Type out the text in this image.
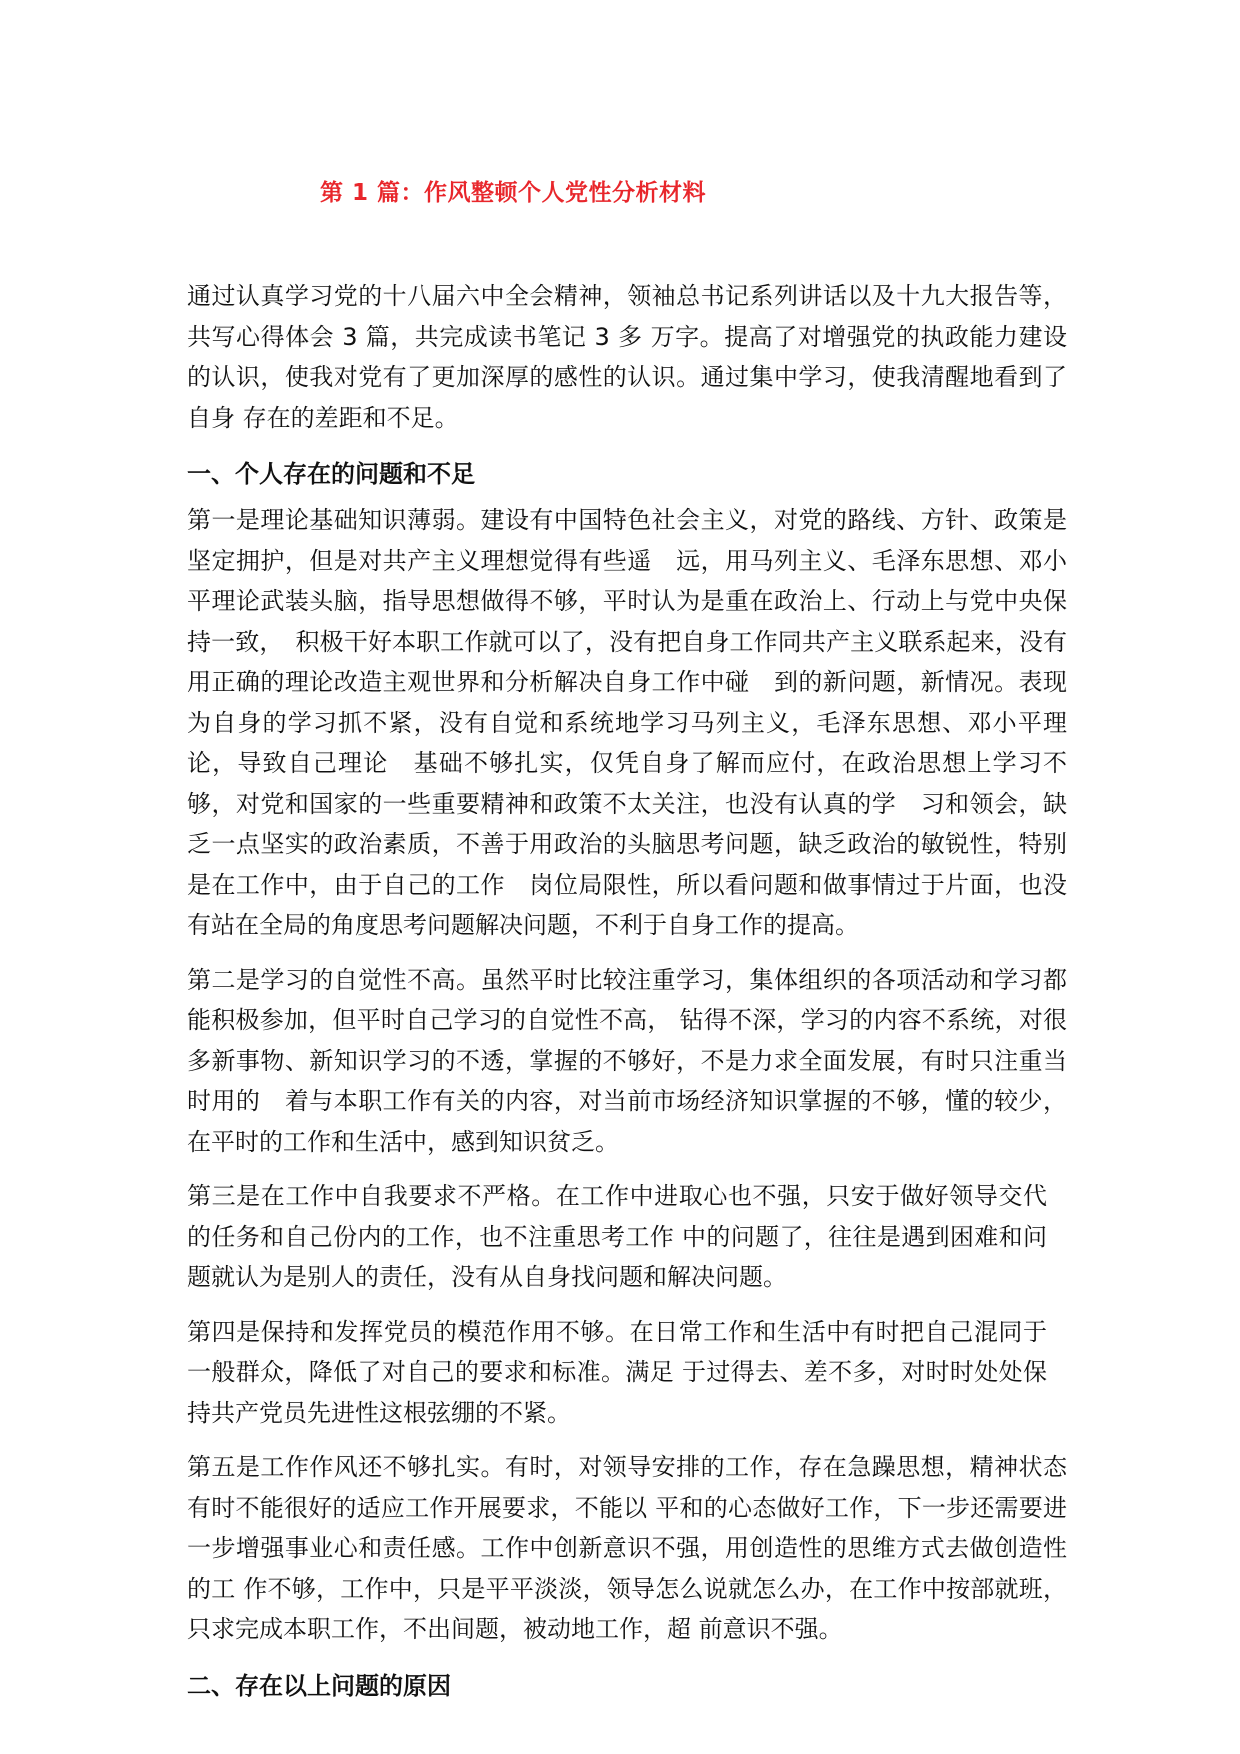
第 1 篇：作风整顿个人党性分析材料

通过认真学习党的十八届六中全会精神，领袖总书记系列讲话以及十九大报告等，共写心得体会 3 篇，共完成读书笔记 3 多 万字。提高了对增强党的执政能力建设的认识，使我对党有了更加深厚的感性的认识。通过集中学习，使我清醒地看到了自身 存在的差距和不足。

一、个人存在的问题和不足

第一是理论基础知识薄弱。建设有中国特色社会主义，对党的路线、方针、政策是坚定拥护，但是对共产主义理想觉得有些遥　远，用马列主义、毛泽东思想、邓小平理论武装头脑，指导思想做得不够，平时认为是重在政治上、行动上与党中央保持一致，　积极干好本职工作就可以了，没有把自身工作同共产主义联系起来，没有用正确的理论改造主观世界和分析解决自身工作中碰　到的新问题，新情况。表现为自身的学习抓不紧，没有自觉和系统地学习马列主义，毛泽东思想、邓小平理论，导致自己理论　基础不够扎实，仅凭自身了解而应付，在政治思想上学习不够，对党和国家的一些重要精神和政策不太关注，也没有认真的学　习和领会，缺乏一点坚实的政治素质，不善于用政治的头脑思考问题，缺乏政治的敏锐性，特别是在工作中，由于自己的工作　岗位局限性，所以看问题和做事情过于片面，也没有站在全局的角度思考问题解决问题，不利于自身工作的提高。

第二是学习的自觉性不高。虽然平时比较注重学习，集体组织的各项活动和学习都能积极参加，但平时自己学习的自觉性不高， 钻得不深，学习的内容不系统，对很多新事物、新知识学习的不透，掌握的不够好，不是力求全面发展，有时只注重当时用的　着与本职工作有关的内容，对当前市场经济知识掌握的不够，懂的较少，在平时的工作和生活中，感到知识贫乏。

第三是在工作中自我要求不严格。在工作中进取心也不强，只安于做好领导交代的任务和自己份内的工作，也不注重思考工作 中的问题了，往往是遇到困难和问题就认为是别人的责任，没有从自身找问题和解决问题。

第四是保持和发挥党员的模范作用不够。在日常工作和生活中有时把自己混同于一般群众，降低了对自己的要求和标准。满足 于过得去、差不多，对时时处处保持共产党员先进性这根弦绷的不紧。

第五是工作作风还不够扎实。有时，对领导安排的工作，存在急躁思想，精神状态有时不能很好的适应工作开展要求，不能以 平和的心态做好工作，下一步还需要进一步增强事业心和责任感。工作中创新意识不强，用创造性的思维方式去做创造性的工 作不够，工作中，只是平平淡淡，领导怎么说就怎么办，在工作中按部就班，只求完成本职工作，不出间题，被动地工作，超 前意识不强。

二、存在以上问题的原因
